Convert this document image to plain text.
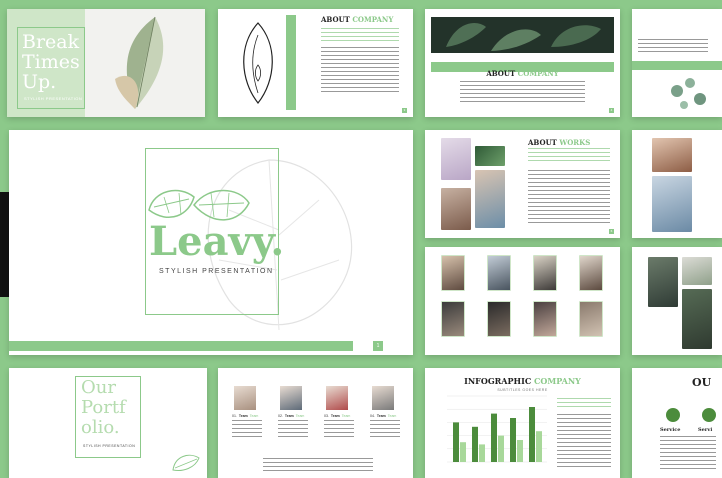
Break
Times
Up.
STYLISH PRESENTATION
ABOUT COMPANY
3
ABOUT COMPANY
4
Leavy.
STYLISH PRESENTATION
1
ABOUT WORKS
6
Our
Portf
olio.
STYLISH PRESENTATION
01. Team Team	02. Team Team	03. Team Team	04. Team Team
INFOGRAPHIC COMPANY
SUBTITLES GOES HERE
OU
Service	Servi
